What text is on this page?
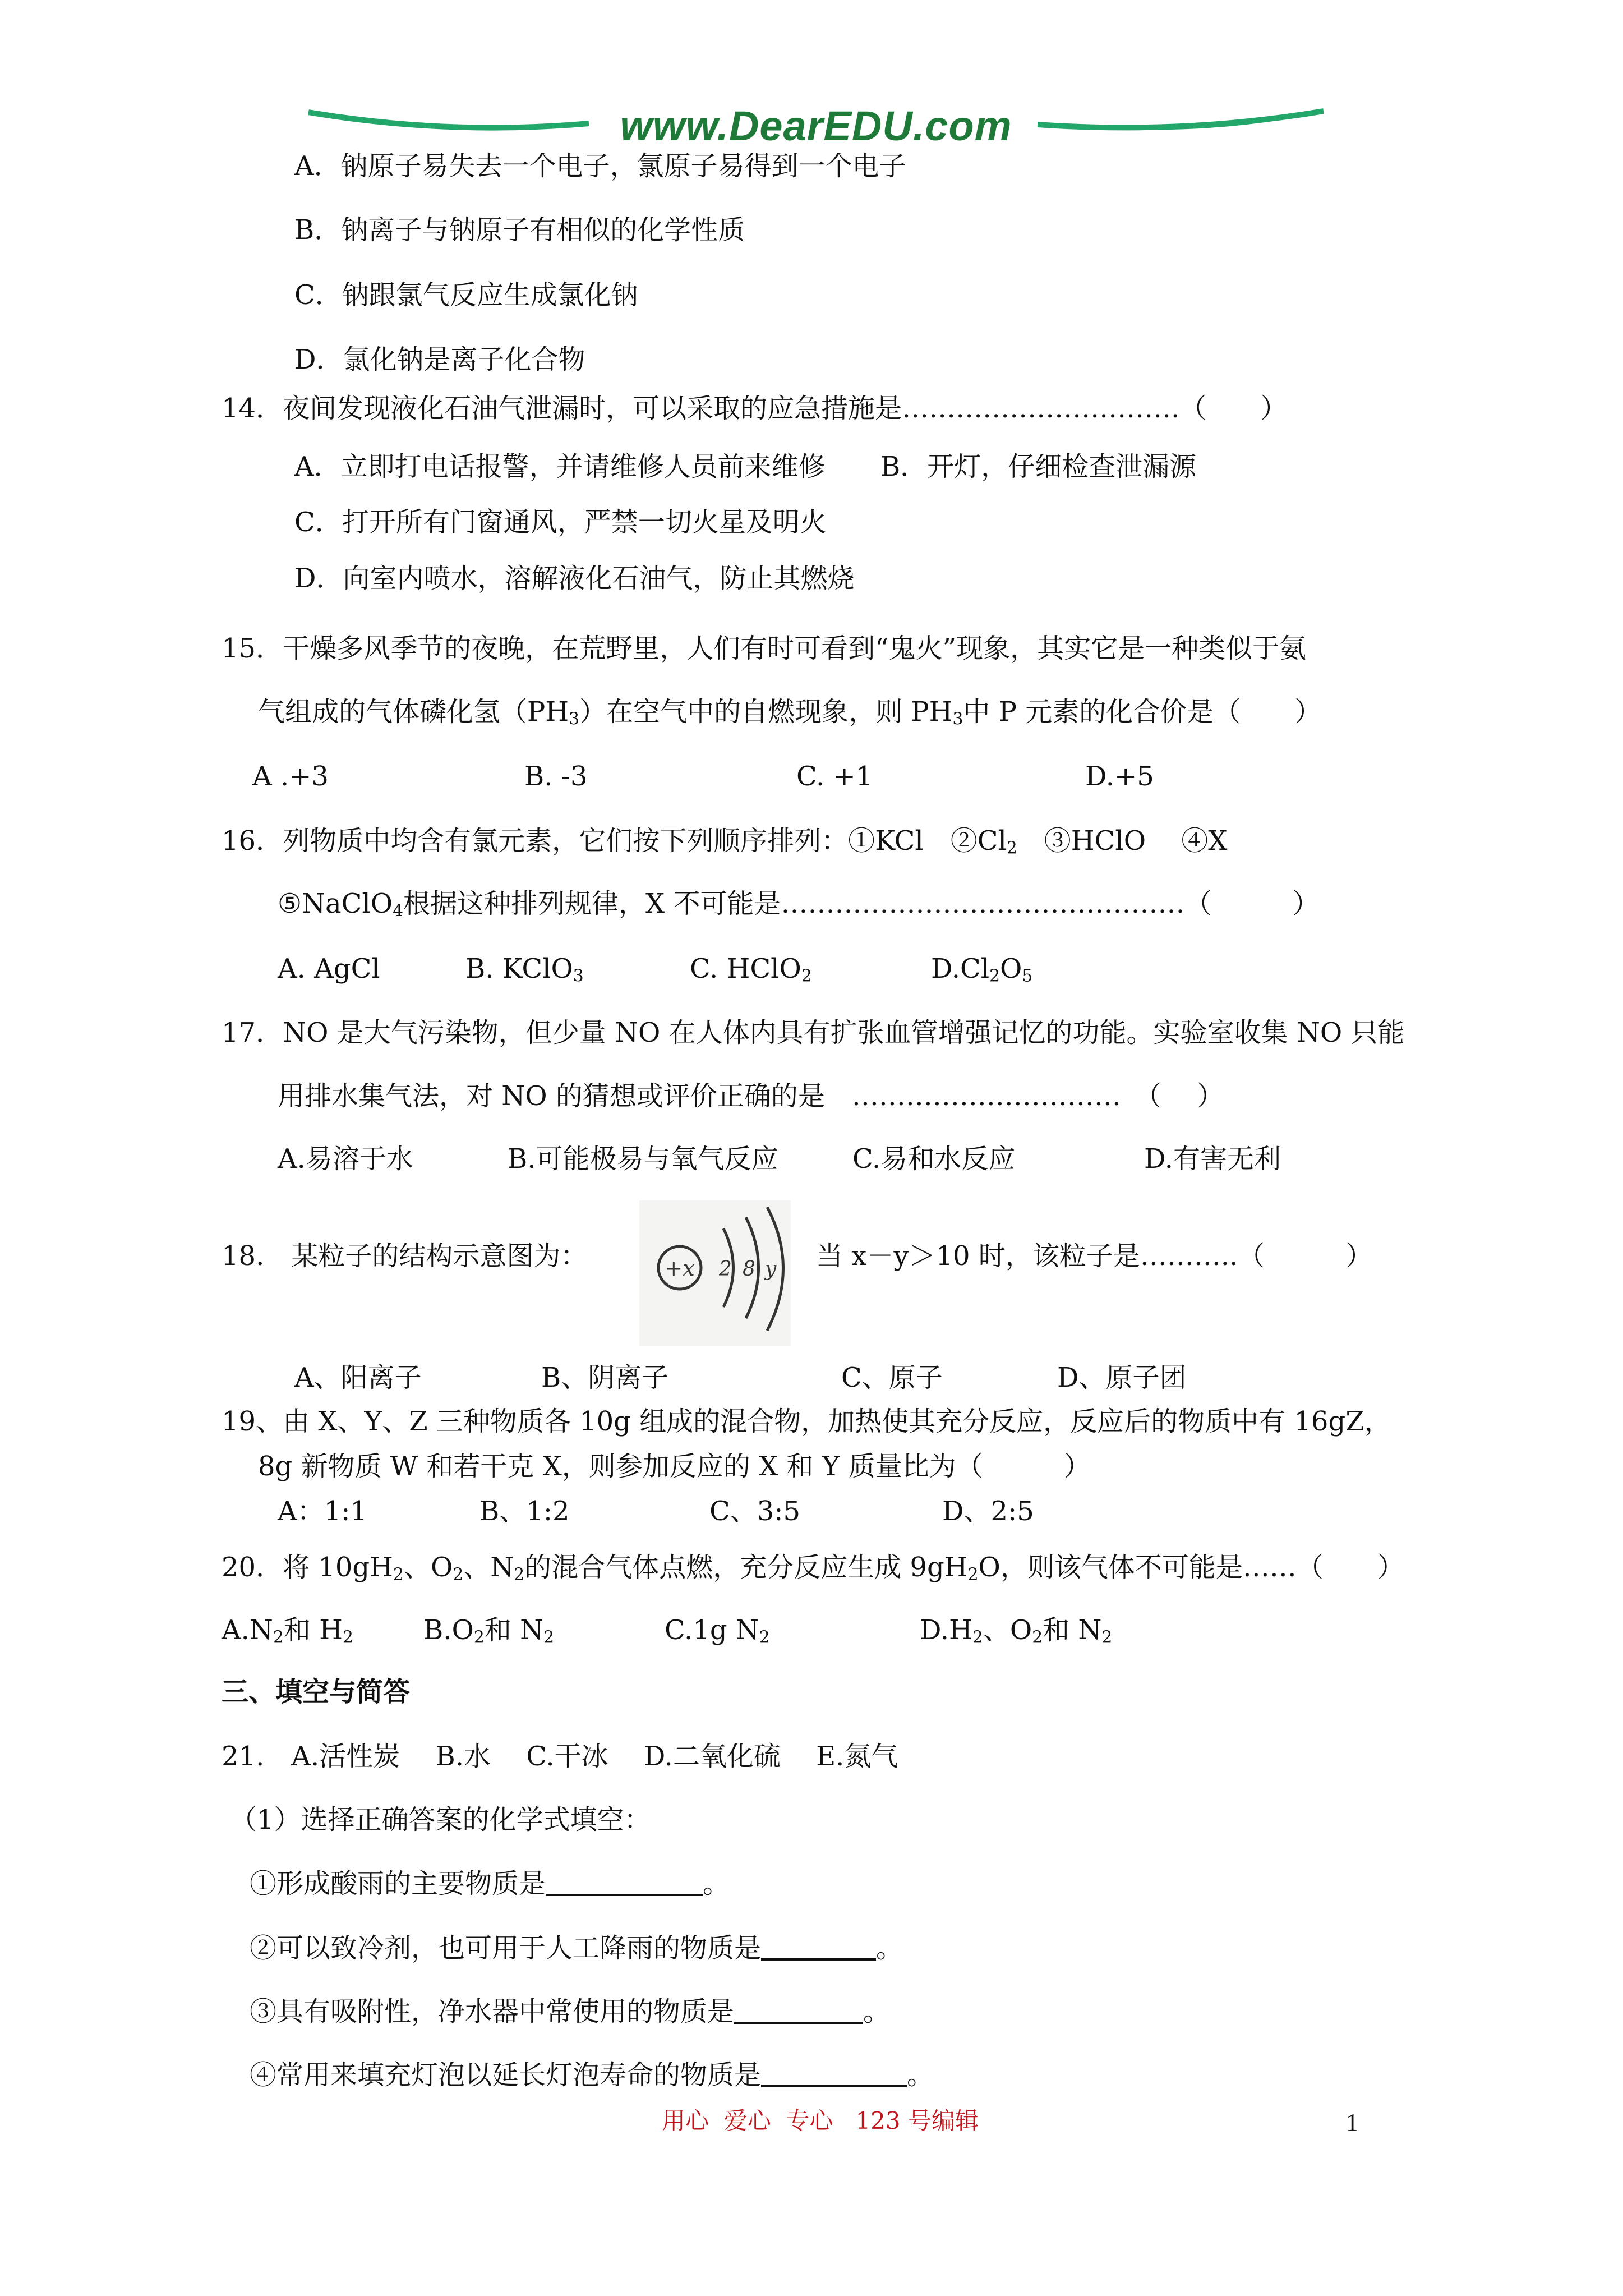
www.DearEDU.com
A．钠原子易失去一个电子，氯原子易得到一个电子
B．钠离子与钠原子有相似的化学性质
C．钠跟氯气反应生成氯化钠
D．氯化钠是离子化合物
14．夜间发现液化石油气泄漏时，可以采取的应急措施是………………………….（　　）
A．立即打电话报警，并请维修人员前来维修 B．开灯，仔细检查泄漏源
C．打开所有门窗通风，严禁一切火星及明火
D．向室内喷水，溶解液化石油气，防止其燃烧
15．干燥多风季节的夜晚，在荒野里，人们有时可看到“鬼火”现象，其实它是一种类似于氨
气组成的气体磷化氢$(PH_3)$在空气中的自燃现象，则 $PH_3$中 P 元素的化合价是（　　）
A .+3	B. -3	C. +1	D.+5
16．列物质中均含有氯元素，它们按下列顺序排列：①KCl　$②Cl_2$　③HClO　 ④X
⑤NaClO$_4$根据这种排列规律，X 不可能是………………………………………（　　　）
A. AgCl	B. KClO$_3$	C. HClO$_2$	$D.Cl_2O_5$
17．NO 是大气污染物，但少量 NO 在人体内具有扩张血管增强记忆的功能。实验室收集 NO 只能
用排水集气法，对 NO 的猜想或评价正确的是　…………………………　（　 ）
A.易溶于水	B.可能极易与氧气反应	C.易和水反应	D.有害无利
18.　某粒子的结构示意图为：	+x 2 8 y 当 x－y＞10 时，该粒子是………..（　　　）
A、阳离子	B、阴离子	C、原子	D、原子团
19、由 X、Y、Z 三种物质各 10g 组成的混合物，加热使其充分反应，反应后的物质中有 16gZ，
8g 新物质 W 和若干克 X，则参加反应的 X 和 Y 质量比为（　　　）
A：1:1	B、1:2	C、3:5	D、2:5
20．将 $10gH_2$、$O_2$、$N_2$的混合气体点燃，充分反应生成 $9gH_2O$，则该气体不可能是……（　　）
$A.N_2$和 $H_2$	$B.O_2$和 $N_2$	C.1g $N_2$	$D.H_2$、$O_2$和 $N_2$
三、填空与简答
21.　A.活性炭　 B.水　 C.干冰　 D.二氧化硫　 E.氮气
（1）选择正确答案的化学式填空：
①形成酸雨的主要物质是	。
②可以致冷剂，也可用于人工降雨的物质是	。
③具有吸附性，净水器中常使用的物质是	。
④常用来填充灯泡以延长灯泡寿命的物质是	。
用心  爱心  专心   123 号编辑	1
